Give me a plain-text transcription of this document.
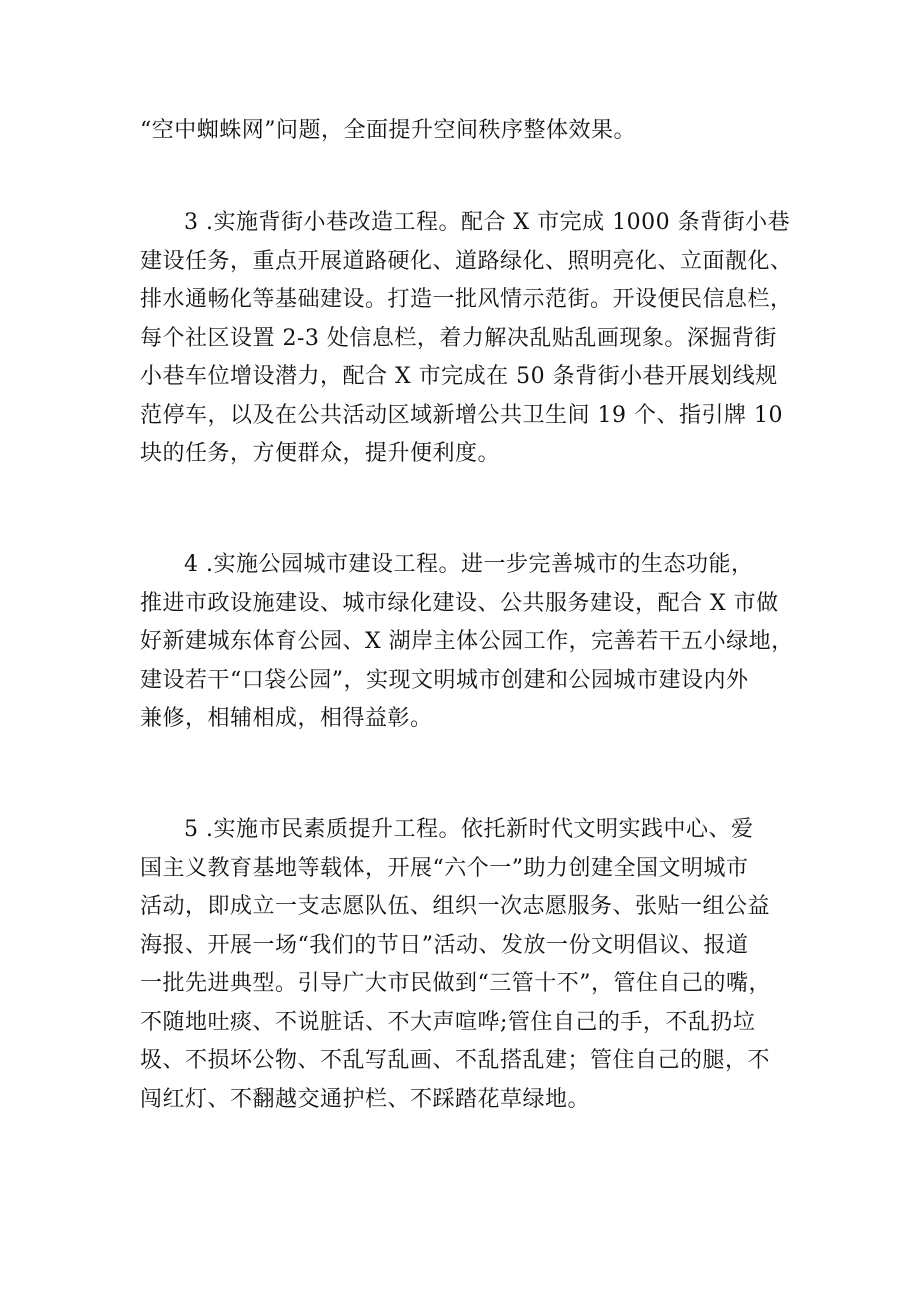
“空中蜘蛛网”问题，全面提升空间秩序整体效果。
3 .实施背街小巷改造工程。配合 X 市完成 1000 条背街小巷
建设任务，重点开展道路硬化、道路绿化、照明亮化、立面靓化、
排水通畅化等基础建设。打造一批风情示范街。开设便民信息栏，
每个社区设置 2-3 处信息栏，着力解决乱贴乱画现象。深掘背街
小巷车位增设潜力，配合 X 市完成在 50 条背街小巷开展划线规
范停车，以及在公共活动区域新增公共卫生间 19 个、指引牌 10
块的任务，方便群众，提升便利度。
4 .实施公园城市建设工程。进一步完善城市的生态功能，
推进市政设施建设、城市绿化建设、公共服务建设，配合 X 市做
好新建城东体育公园、X 湖岸主体公园工作，完善若干五小绿地，
建设若干“口袋公园”，实现文明城市创建和公园城市建设内外
兼修，相辅相成，相得益彰。
5 .实施市民素质提升工程。依托新时代文明实践中心、爱
国主义教育基地等载体，开展“六个一”助力创建全国文明城市
活动，即成立一支志愿队伍、组织一次志愿服务、张贴一组公益
海报、开展一场“我们的节日”活动、发放一份文明倡议、报道
一批先进典型。引导广大市民做到“三管十不”，管住自己的嘴，
不随地吐痰、不说脏话、不大声喧哗;管住自己的手，不乱扔垃
圾、不损坏公物、不乱写乱画、不乱搭乱建；管住自己的腿，不
闯红灯、不翻越交通护栏、不踩踏花草绿地。
